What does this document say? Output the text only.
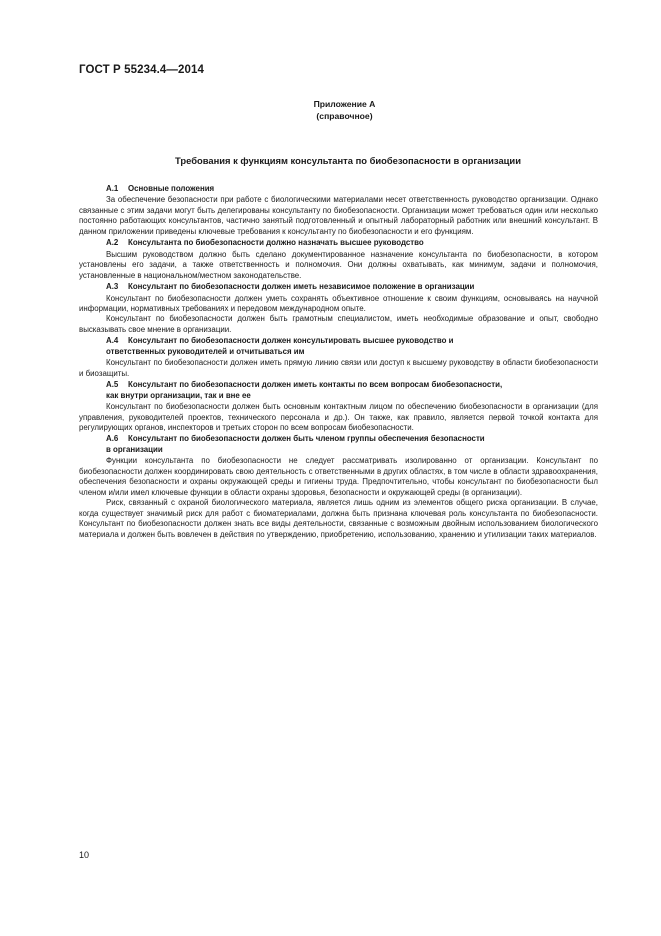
ГОСТ Р 55234.4—2014
Приложение А
(справочное)
Требования к функциям консультанта по биобезопасности в организации
А.1 Основные положения

За обеспечение безопасности при работе с биологическими материалами несет ответственность руководство организации. Однако связанные с этим задачи могут быть делегированы консультанту по биобезопасности. Организации может требоваться один или несколько постоянно работающих консультантов, частично занятый подготовленный и опытный лабораторный работник или внешний консультант. В данном приложении приведены ключевые требования к консультанту по биобезопасности и его функциям.

А.2 Консультанта по биобезопасности должно назначать высшее руководство

Высшим руководством должно быть сделано документированное назначение консультанта по биобезопасности, в котором установлены его задачи, а также ответственность и полномочия. Они должны охватывать, как минимум, задачи и полномочия, установленные в национальном/местном законодательстве.

А.3 Консультант по биобезопасности должен иметь независимое положение в организации

Консультант по биобезопасности должен уметь сохранять объективное отношение к своим функциям, основываясь на научной информации, нормативных требованиях и передовом международном опыте.

Консультант по биобезопасности должен быть грамотным специалистом, иметь необходимые образование и опыт, свободно высказывать свое мнение в организации.

А.4 Консультант по биобезопасности должен консультировать высшее руководство и
ответственных руководителей и отчитываться им

Консультант по биобезопасности должен иметь прямую линию связи или доступ к высшему руководству в области биобезопасности и биозащиты.

А.5 Консультант по биобезопасности должен иметь контакты по всем вопросам биобезопасности,
как внутри организации, так и вне ее

Консультант по биобезопасности должен быть основным контактным лицом по обеспечению биобезопасности в организации (для управления, руководителей проектов, технического персонала и др.). Он также, как правило, является первой точкой контакта для регулирующих органов, инспекторов и третьих сторон по всем вопросам биобезопасности.

А.6 Консультант по биобезопасности должен быть членом группы обеспечения безопасности
в организации

Функции консультанта по биобезопасности не следует рассматривать изолированно от организации. Консультант по биобезопасности должен координировать свою деятельность с ответственными в других областях, в том числе в области здравоохранения, обеспечения безопасности и охраны окружающей среды и гигиены труда. Предпочтительно, чтобы консультант по биобезопасности был членом и/или имел ключевые функции в области охраны здоровья, безопасности и окружающей среды (в организации).

Риск, связанный с охраной биологического материала, является лишь одним из элементов общего риска организации. В случае, когда существует значимый риск для работ с биоматериалами, должна быть признана ключевая роль консультанта по биобезопасности. Консультант по биобезопасности должен знать все виды деятельности, связанные с возможным двойным использованием биологического материала и должен быть вовлечен в действия по утверждению, приобретению, использованию, хранению и утилизации таких материалов.

10
